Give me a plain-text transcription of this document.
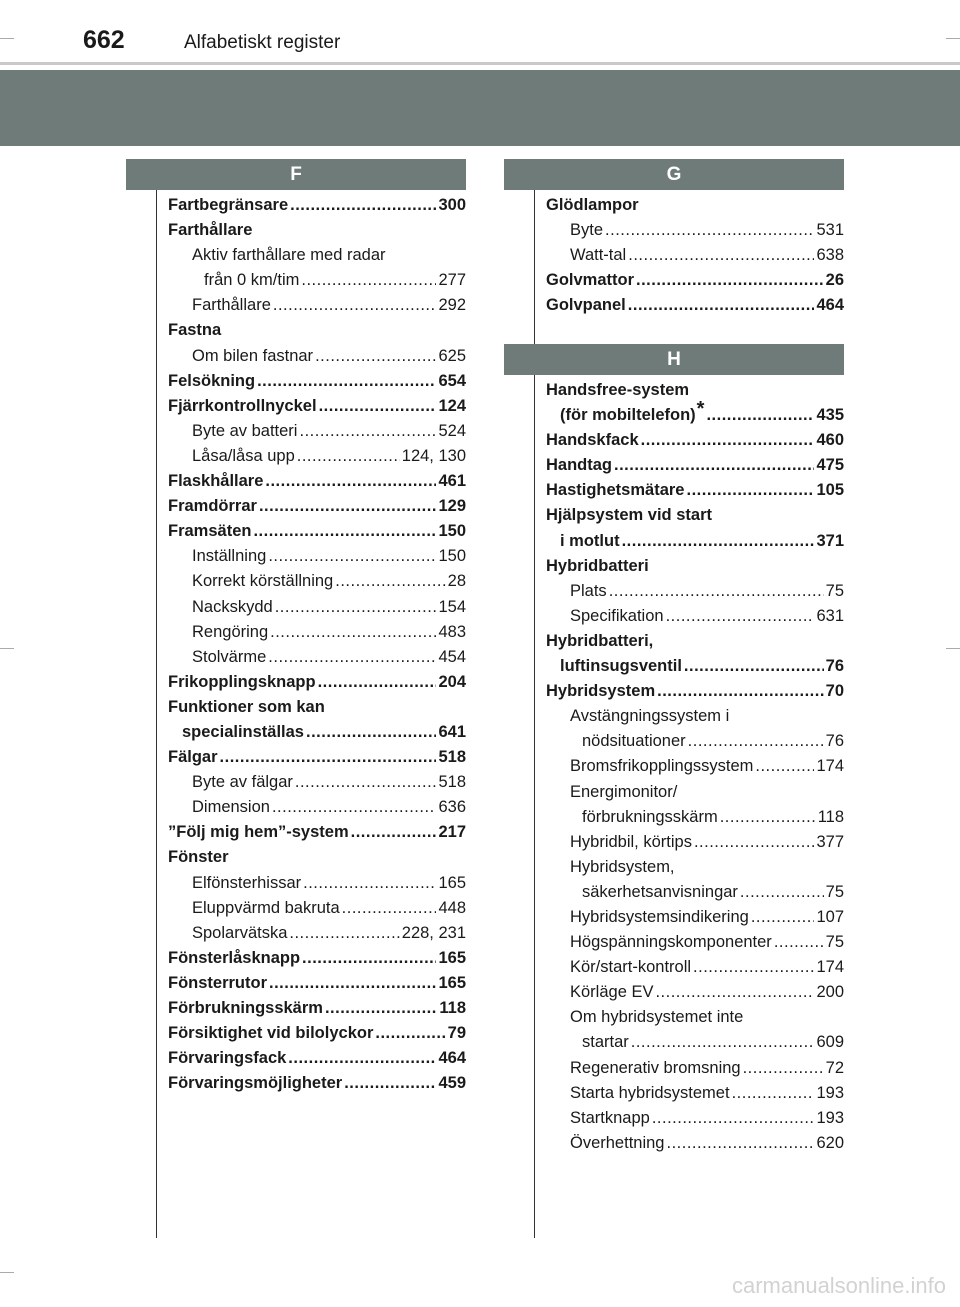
662	Alfabetiskt register
F	G
H
Fartbegränsare .....	300
Farthållare
Aktiv farthållare med radar
från 0 km/tim .....	277
Farthållare .....	292
Fastna
Om bilen fastnar .....	625
Felsökning .....	654
Fjärrkontrollnyckel .....	124
Byte av batteri .....	524
Låsa/låsa upp .....	124, 130
Flaskhållare .....	461
Framdörrar .....	129
Framsäten .....	150
Inställning .....	150
Korrekt körställning .....	28
Nackskydd .....	154
Rengöring .....	483
Stolvärme .....	454
Frikopplingsknapp .....	204
Funktioner som kan
specialinställas .....	641
Fälgar .....	518
Byte av fälgar .....	518
Dimension .....	636
”Följ mig hem”-system .....	217
Fönster
Elfönsterhissar .....	165
Eluppvärmd bakruta .....	448
Spolarvätska .....	228, 231
Fönsterlåsknapp .....	165
Fönsterrutor .....	165
Förbrukningsskärm .....	118
Försiktighet vid bilolyckor .....	79
Förvaringsfack .....	464
Förvaringsmöjligheter .....	459
Glödlampor
Byte .....	531
Watt-tal .....	638
Golvmattor .....	26
Golvpanel .....	464
Handsfree-system
(för mobiltelefon)* .....	435
Handskfack .....	460
Handtag .....	475
Hastighetsmätare .....	105
Hjälpsystem vid start
i motlut .....	371
Hybridbatteri
Plats .....	75
Specifikation .....	631
Hybridbatteri,
luftinsugsventil .....	76
Hybridsystem .....	70
Avstängningssystem i
nödsituationer .....	76
Bromsfrikopplingssystem .....	174
Energimonitor/
förbrukningsskärm .....	118
Hybridbil, körtips .....	377
Hybridsystem,
säkerhetsanvisningar .....	75
Hybridsystemsindikering .....	107
Högspänningskomponenter .....	75
Kör/start-kontroll .....	174
Körläge EV .....	200
Om hybridsystemet inte
startar .....	609
Regenerativ bromsning .....	72
Starta hybridsystemet .....	193
Startknapp .....	193
Överhettning .....	620
carmanualsonline.info
